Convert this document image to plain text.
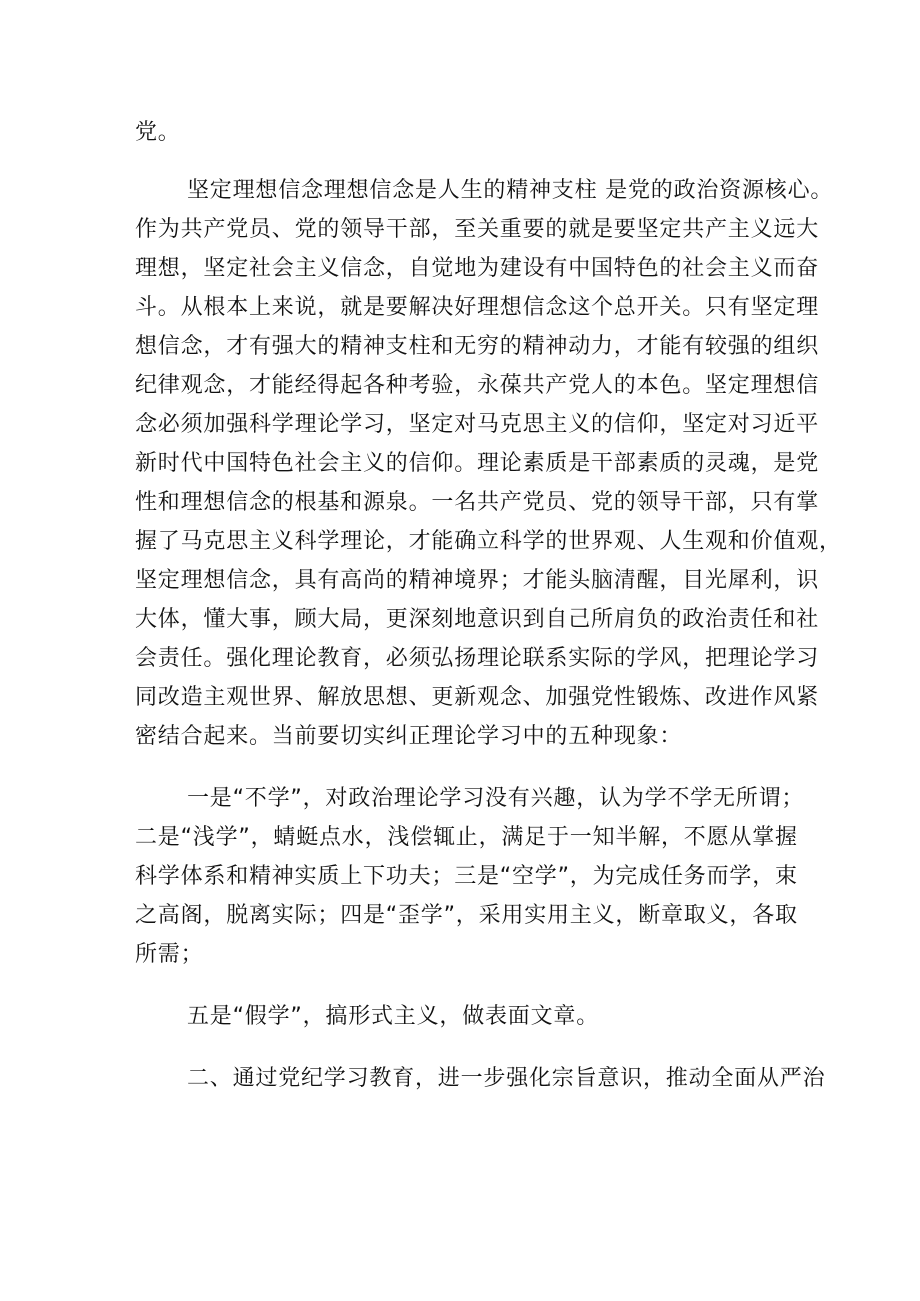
党。
坚定理想信念理想信念是人生的精神支柱 是党的政治资源核心。
作为共产党员、党的领导干部，至关重要的就是要坚定共产主义远大
理想，坚定社会主义信念，自觉地为建设有中国特色的社会主义而奋
斗。从根本上来说，就是要解决好理想信念这个总开关。只有坚定理
想信念，才有强大的精神支柱和无穷的精神动力，才能有较强的组织
纪律观念，才能经得起各种考验，永葆共产党人的本色。坚定理想信
念必须加强科学理论学习，坚定对马克思主义的信仰，坚定对习近平
新时代中国特色社会主义的信仰。理论素质是干部素质的灵魂，是党
性和理想信念的根基和源泉。一名共产党员、党的领导干部，只有掌
握了马克思主义科学理论，才能确立科学的世界观、人生观和价值观，
坚定理想信念，具有高尚的精神境界；才能头脑清醒，目光犀利，识
大体，懂大事，顾大局，更深刻地意识到自己所肩负的政治责任和社
会责任。强化理论教育，必须弘扬理论联系实际的学风，把理论学习
同改造主观世界、解放思想、更新观念、加强党性锻炼、改进作风紧
密结合起来。当前要切实纠正理论学习中的五种现象：
一是“不学”，对政治理论学习没有兴趣，认为学不学无所谓；
二是“浅学”，蜻蜓点水，浅偿辄止，满足于一知半解，不愿从掌握
科学体系和精神实质上下功夫；三是“空学”，为完成任务而学，束
之高阁，脱离实际；四是“歪学”，采用实用主义，断章取义，各取
所需；
五是“假学”，搞形式主义，做表面文章。
二、通过党纪学习教育，进一步强化宗旨意识，推动全面从严治
